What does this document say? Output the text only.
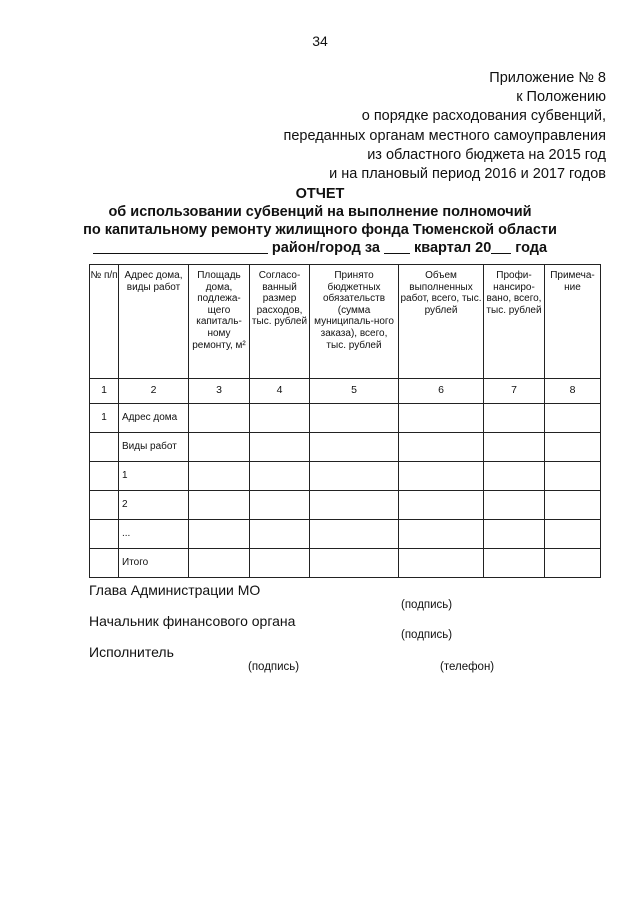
34
Приложение № 8
к Положению
о порядке расходования субвенций,
переданных органам местного самоуправления
из областного бюджета на 2015 год
и на плановый период 2016 и 2017 годов
ОТЧЕТ
об использовании субвенций на выполнение полномочий
по капитальному ремонту жилищного фонда Тюменской области
район/город за квартал 20 года
№ п/п	Адрес дома, виды работ	Площадь дома, подлежа-щего капиталь-ному ремонту, м²	Согласо-ванный размер расходов, тыс. рублей	Принято бюджетных обязательств (сумма муниципаль-ного заказа), всего, тыс. рублей	Объем выполненных работ, всего, тыс. рублей	Профи-нансиро-вано, всего, тыс. рублей	Примеча-ние
1	2	3	4	5	6	7	8
1	Адрес дома						
	Виды работ						
	1						
	2						
	...						
	Итого						
Глава Администрации МО
(подпись)
Начальник финансового органа
(подпись)
Исполнитель
(подпись)	(телефон)
